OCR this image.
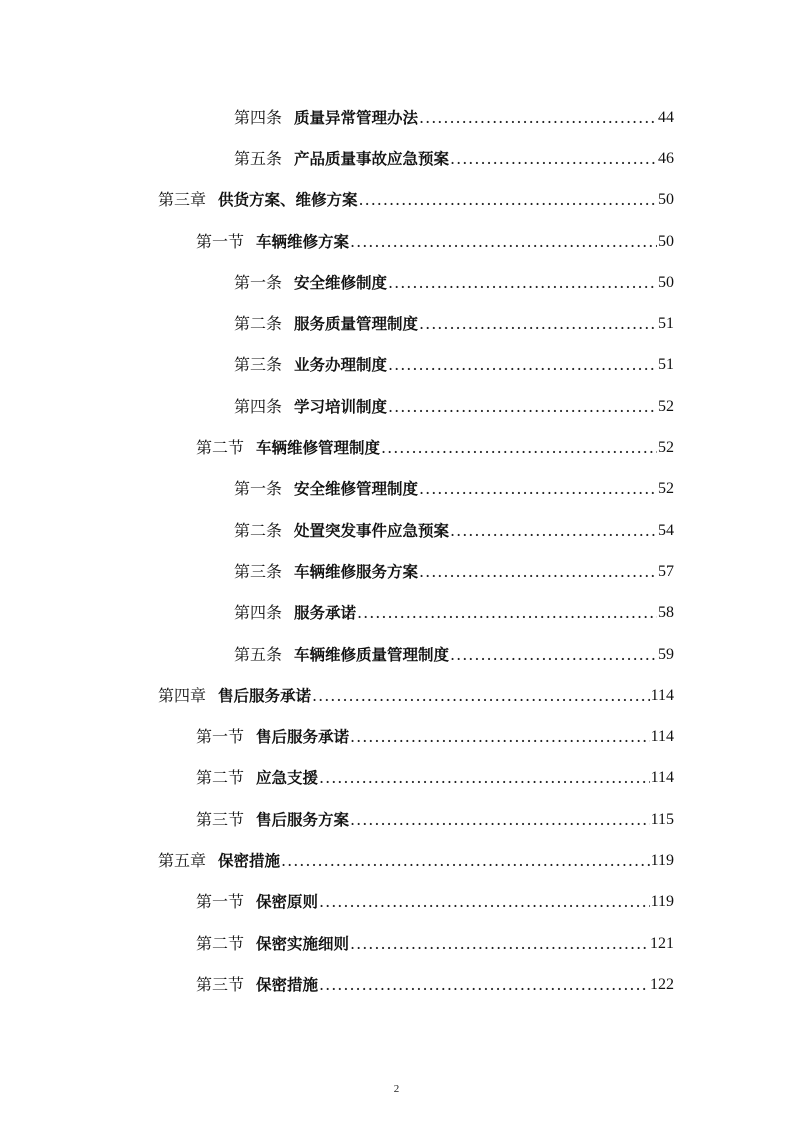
第四条 质量异常管理办法 .....	44
第五条 产品质量事故应急预案 .....	46
第三章 供货方案、维修方案 .....	50
第一节 车辆维修方案 .....	50
第一条 安全维修制度 .....	50
第二条 服务质量管理制度 .....	51
第三条 业务办理制度 .....	51
第四条 学习培训制度 .....	52
第二节 车辆维修管理制度 .....	52
第一条 安全维修管理制度 .....	52
第二条 处置突发事件应急预案 .....	54
第三条 车辆维修服务方案 .....	57
第四条 服务承诺 .....	58
第五条 车辆维修质量管理制度 .....	59
第四章 售后服务承诺 .....	114
第一节 售后服务承诺 .....	114
第二节 应急支援 .....	114
第三节 售后服务方案 .....	115
第五章 保密措施 .....	119
第一节 保密原则 .....	119
第二节 保密实施细则 .....	121
第三节 保密措施 .....	122
2
